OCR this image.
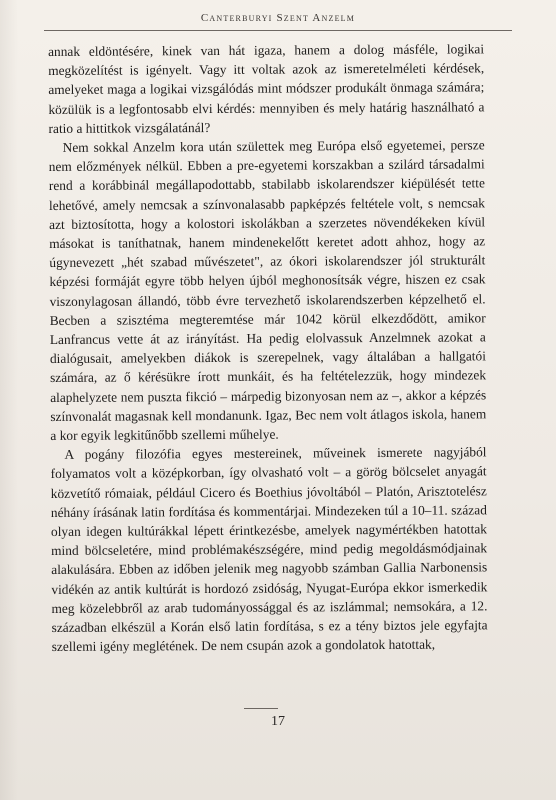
Canterburyi Szent Anzelm

annak eldöntésére, kinek van hát igaza, hanem a dolog másféle, logikai megközelítést is igényelt. Vagy itt voltak azok az ismeretelméleti kérdések, amelyeket maga a logikai vizsgálódás mint módszer produkált önmaga számára; közülük is a legfontosabb elvi kérdés: mennyiben és mely határig használható a ratio a hittitkok vizsgálatánál?

Nem sokkal Anzelm kora után születtek meg Európa első egyetemei, persze nem előzmények nélkül. Ebben a pre-egyetemi korszakban a szilárd társadalmi rend a korábbinál megállapodottabb, stabilabb iskolarendszer kiépülését tette lehetővé, amely nemcsak a színvonalasabb papképzés feltétele volt, s nemcsak azt biztosította, hogy a kolostori iskolákban a szerzetes növendékeken kívül másokat is taníthatnak, hanem mindenekelőtt keretet adott ahhoz, hogy az úgynevezett „hét szabad művészetet", az ókori iskolarendszer jól strukturált képzési formáját egyre több helyen újból meghonosítsák végre, hiszen ez csak viszonylagosan állandó, több évre tervezhető iskolarendszerben képzelhető el. Becben a szisztéma megteremtése már 1042 körül elkezdődött, amikor Lanfrancus vette át az irányítást. Ha pedig elolvassuk Anzelmnek azokat a dialógusait, amelyekben diákok is szerepelnek, vagy általában a hallgatói számára, az ő kérésükre írott munkáit, és ha feltételezzük, hogy mindezek alaphelyzete nem puszta fikció – márpedig bizonyosan nem az –, akkor a képzés színvonalát magasnak kell mondanunk. Igaz, Bec nem volt átlagos iskola, hanem a kor egyik legkitűnőbb szellemi műhelye.

A pogány filozófia egyes mestereinek, műveinek ismerete nagyjából folyamatos volt a középkorban, így olvasható volt – a görög bölcselet anyagát közvetítő rómaiak, például Cicero és Boethius jóvoltából – Platón, Arisztotelész néhány írásának latin fordítása és kommentárjai. Mindezeken túl a 10–11. század olyan idegen kultúrákkal lépett érintkezésbe, amelyek nagymértékben hatottak mind bölcseletére, mind problémakészségére, mind pedig megoldásmódjainak alakulására. Ebben az időben jelenik meg nagyobb számban Gallia Narbonensis vidékén az antik kultúrát is hordozó zsidóság, Nyugat-Európa ekkor ismerkedik meg közelebbről az arab tudományossággal és az iszlámmal; nemsokára, a 12. században elkészül a Korán első latin fordítása, s ez a tény biztos jele egyfajta szellemi igény meglétének. De nem csupán azok a gondolatok hatottak,

17
